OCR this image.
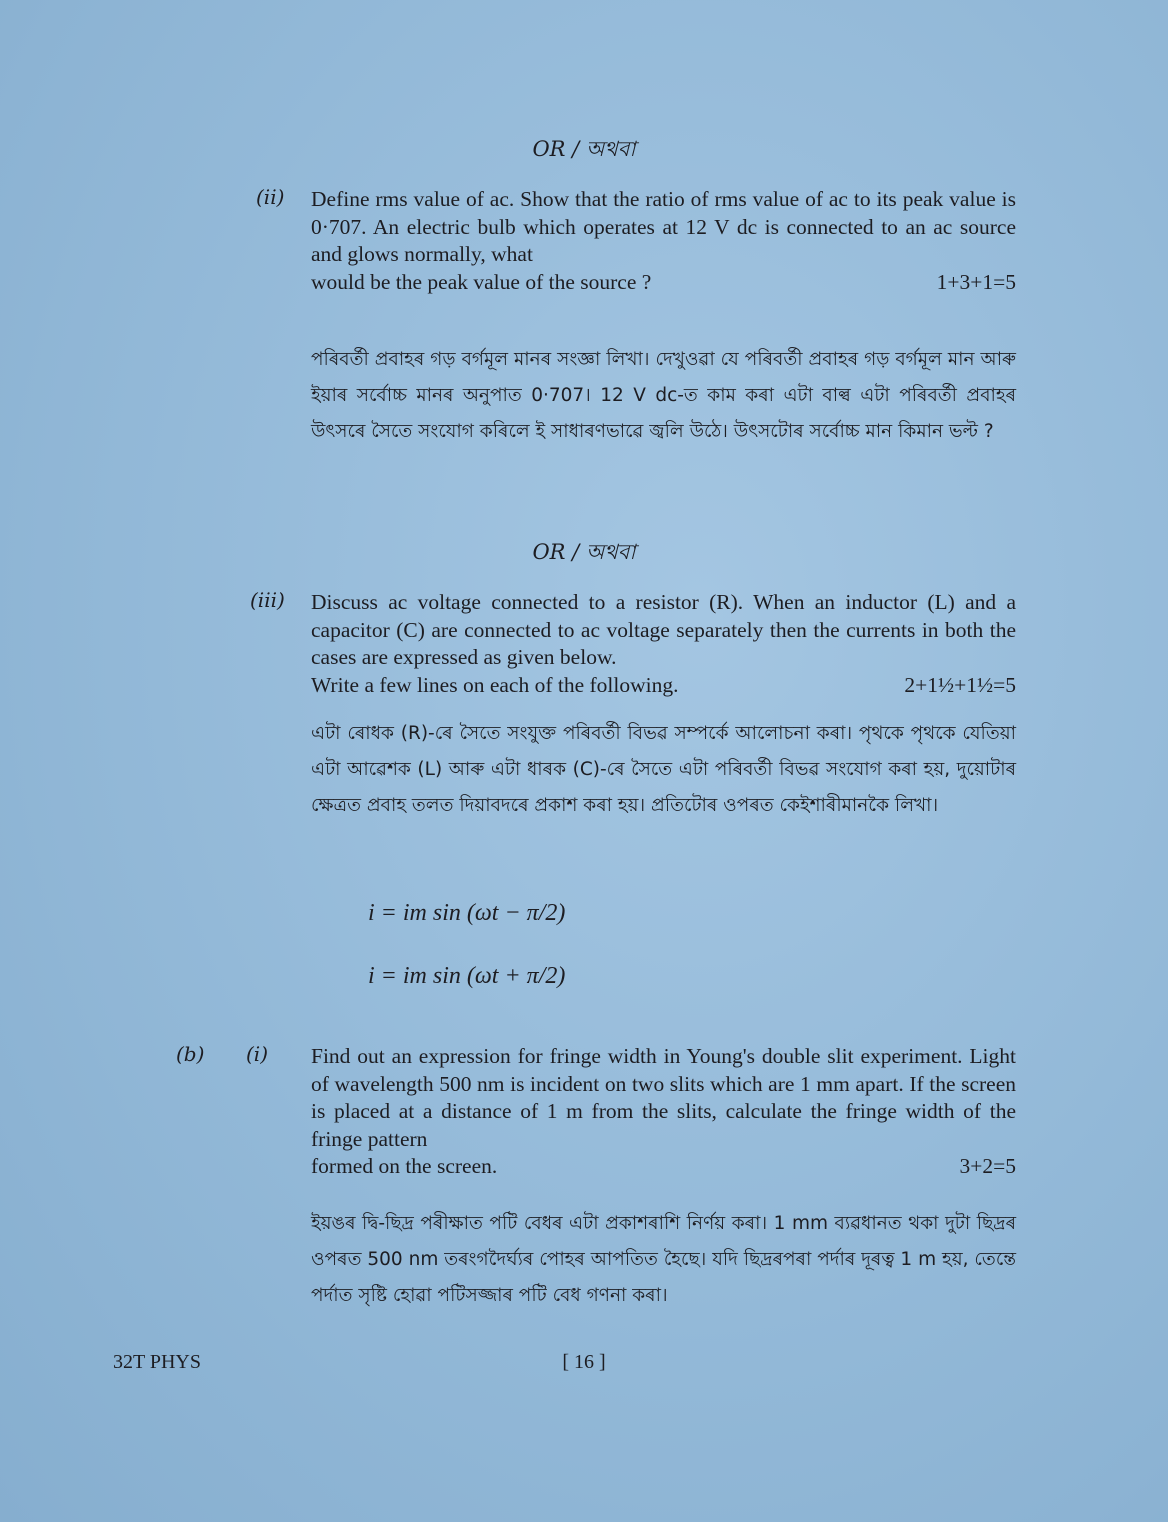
OR / অথবা
(ii) Define rms value of ac. Show that the ratio of rms value of ac to its peak value is 0·707. An electric bulb which operates at 12 V dc is connected to an ac source and glows normally, what
would be the peak value of the source ?	1+3+1=5
পৰিবৰ্তী প্ৰবাহৰ গড় বৰ্গমূল মানৰ সংজ্ঞা লিখা। দেখুওৱা যে পৰিবৰ্তী প্ৰবাহৰ গড় বৰ্গমূল মান আৰু ইয়াৰ সৰ্বোচ্চ মানৰ অনুপাত 0·707। 12 V dc-ত কাম কৰা এটা বাল্ব এটা পৰিবৰ্তী প্ৰবাহৰ উৎসৰে সৈতে সংযোগ কৰিলে ই সাধাৰণভাৱে জ্বলি উঠে। উৎসটোৰ সৰ্বোচ্চ মান কিমান ভল্ট ?
OR / অথবা
(iii) Discuss ac voltage connected to a resistor (R). When an inductor (L) and a capacitor (C) are connected to ac voltage separately then the currents in both the cases are expressed as given below.
Write a few lines on each of the following.	2+1½+1½=5
এটা ৰোধক (R)-ৰে সৈতে সংযুক্ত পৰিবৰ্তী বিভৱ সম্পৰ্কে আলোচনা কৰা। পৃথকে পৃথকে যেতিয়া এটা আৱেশক (L) আৰু এটা ধাৰক (C)-ৰে সৈতে এটা পৰিবৰ্তী বিভৱ সংযোগ কৰা হয়, দুয়োটাৰ ক্ষেত্ৰত প্ৰবাহ তলত দিয়াবদৰে প্ৰকাশ কৰা হয়। প্ৰতিটোৰ ওপৰত কেইশাৰীমানকৈ লিখা।
i = im sin (ωt − π/2)
i = im sin (ωt + π/2)
(b) (i) Find out an expression for fringe width in Young's double slit experiment. Light of wavelength 500 nm is incident on two slits which are 1 mm apart. If the screen is placed at a distance of 1 m from the slits, calculate the fringe width of the fringe pattern
formed on the screen.	3+2=5
ইয়ঙৰ দ্বি-ছিদ্ৰ পৰীক্ষাত পটি বেধৰ এটা প্ৰকাশৰাশি নিৰ্ণয় কৰা। 1 mm ব্যৱধানত থকা দুটা ছিদ্ৰৰ ওপৰত 500 nm তৰংগদৈৰ্ঘ্যৰ পোহৰ আপতিত হৈছে। যদি ছিদ্ৰৰপৰা পৰ্দাৰ দূৰত্ব 1 m হয়, তেন্তে পৰ্দাত সৃষ্টি হোৱা পটিসজ্জাৰ পটি বেধ গণনা কৰা।
32T PHYS	[ 16 ]
